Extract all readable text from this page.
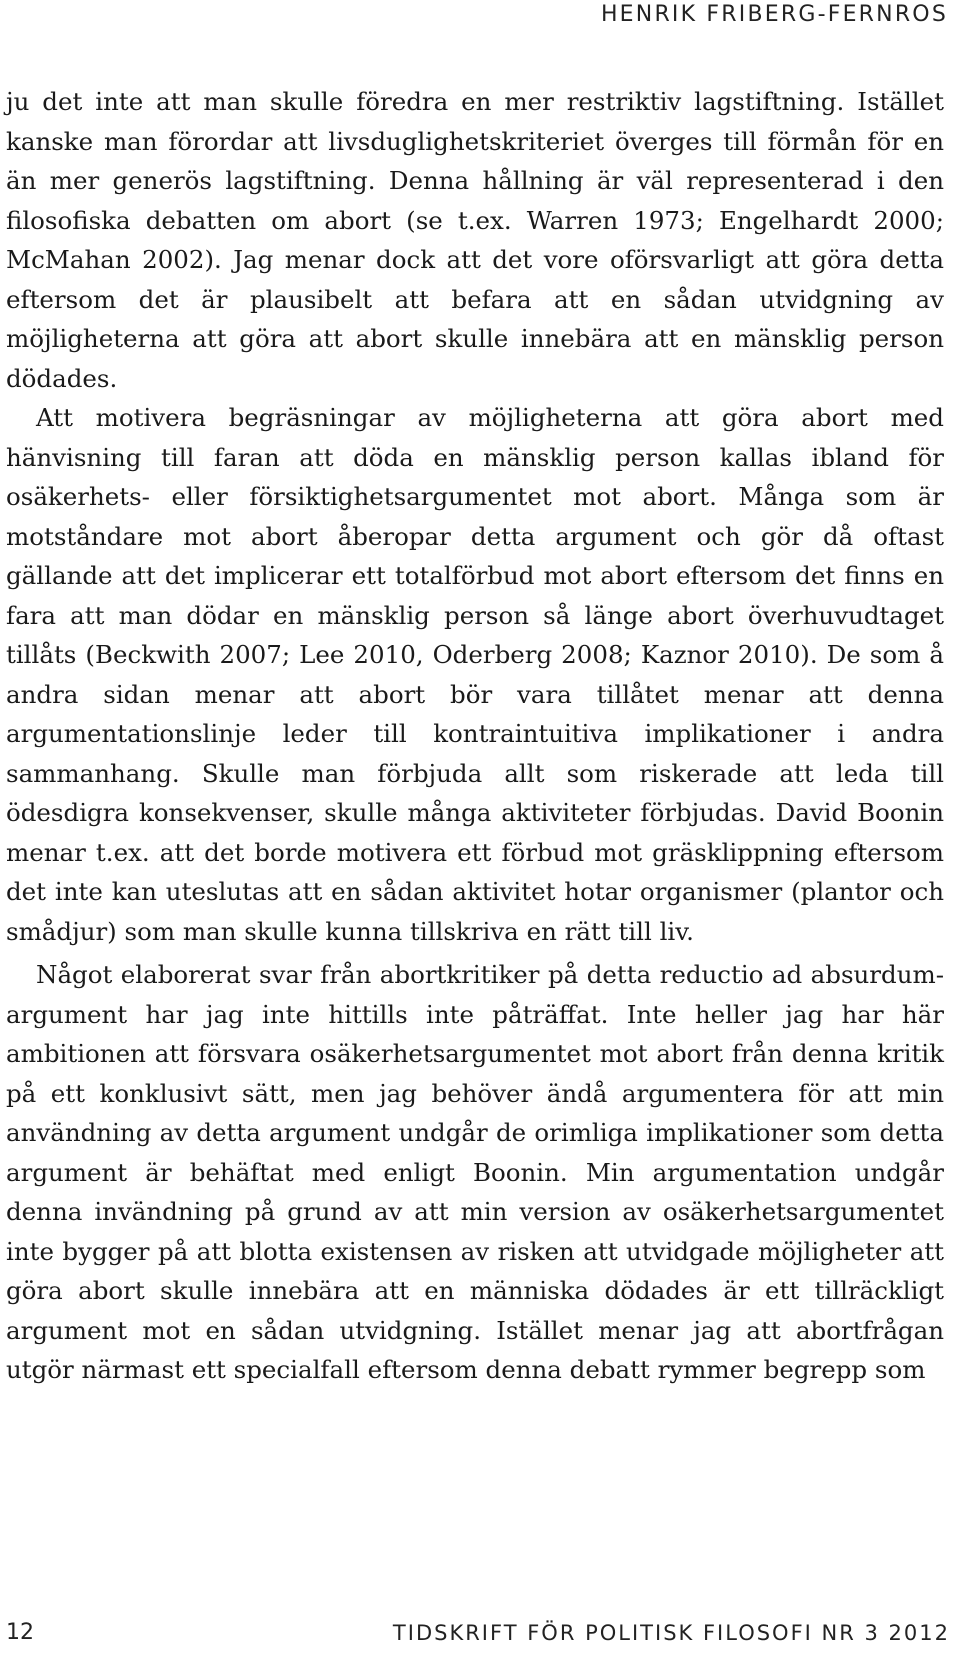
HENRIK FRIBERG-FERNROS

ju det inte att man skulle föredra en mer restriktiv lagstiftning. Istället kanske man förordar att livsduglighetskriteriet överges till förmån för en än mer generös lagstiftning. Denna hållning är väl representerad i den filosofiska debatten om abort (se t.ex. Warren 1973; Engelhardt 2000; McMahan 2002). Jag menar dock att det vore oförsvarligt att göra detta eftersom det är plausibelt att befara att en sådan utvidgning av möjligheterna att göra att abort skulle innebära att en mänsklig person dödades.

Att motivera begräsningar av möjligheterna att göra abort med hänvisning till faran att döda en mänsklig person kallas ibland för osäkerhets- eller försiktighetsargumentet mot abort. Många som är motståndare mot abort åberopar detta argument och gör då oftast gällande att det implicerar ett totalförbud mot abort eftersom det finns en fara att man dödar en mänsklig person så länge abort överhuvudtaget tillåts (Beckwith 2007; Lee 2010, Oderberg 2008; Kaznor 2010). De som å andra sidan menar att abort bör vara tillåtet menar att denna argumentationslinje leder till kontraintuitiva implikationer i andra sammanhang. Skulle man förbjuda allt som riskerade att leda till ödesdigra konsekvenser, skulle många aktiviteter förbjudas. David Boonin menar t.ex. att det borde motivera ett förbud mot gräsklippning eftersom det inte kan uteslutas att en sådan aktivitet hotar organismer (plantor och smådjur) som man skulle kunna tillskriva en rätt till liv.

Något elaborerat svar från abortkritiker på detta reductio ad absurdum-argument har jag inte hittills inte påträffat. Inte heller jag har här ambitionen att försvara osäkerhetsargumentet mot abort från denna kritik på ett konklusivt sätt, men jag behöver ändå argumentera för att min användning av detta argument undgår de orimliga implikationer som detta argument är behäftat med enligt Boonin. Min argumentation undgår denna invändning på grund av att min version av osäkerhetsargumentet inte bygger på att blotta existensen av risken att utvidgade möjligheter att göra abort skulle innebära att en människa dödades är ett tillräckligt argument mot en sådan utvidgning. Istället menar jag att abortfrågan utgör närmast ett specialfall eftersom denna debatt rymmer begrepp som

12	TIDSKRIFT FÖR POLITISK FILOSOFI NR 3 2012
